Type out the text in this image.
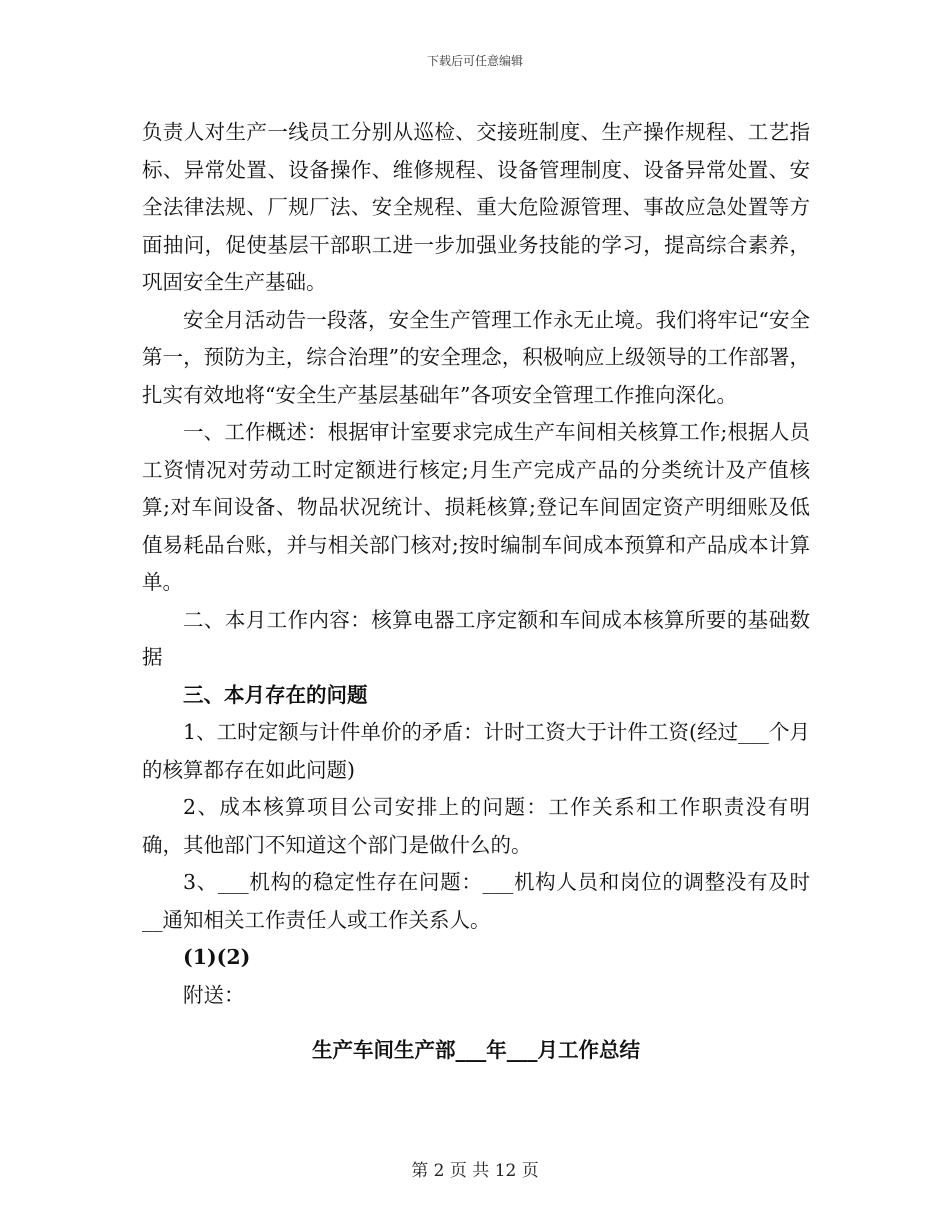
下载后可任意编辑

负责人对生产一线员工分别从巡检、交接班制度、生产操作规程、工艺指标、异常处置、设备操作、维修规程、设备管理制度、设备异常处置、安全法律法规、厂规厂法、安全规程、重大危险源管理、事故应急处置等方面抽问，促使基层干部职工进一步加强业务技能的学习，提高综合素养，巩固安全生产基础。

安全月活动告一段落，安全生产管理工作永无止境。我们将牢记“安全第一，预防为主，综合治理”的安全理念，积极响应上级领导的工作部署，扎实有效地将“安全生产基层基础年”各项安全管理工作推向深化。

一、工作概述：根据审计室要求完成生产车间相关核算工作;根据人员工资情况对劳动工时定额进行核定;月生产完成产品的分类统计及产值核算;对车间设备、物品状况统计、损耗核算;登记车间固定资产明细账及低值易耗品台账，并与相关部门核对;按时编制车间成本预算和产品成本计算单。

二、本月工作内容：核算电器工序定额和车间成本核算所要的基础数据

三、本月存在的问题

1、工时定额与计件单价的矛盾：计时工资大于计件工资(经过___个月的核算都存在如此问题)

2、成本核算项目公司安排上的问题：工作关系和工作职责没有明确，其他部门不知道这个部门是做什么的。

3、___机构的稳定性存在问题：___机构人员和岗位的调整没有及时__通知相关工作责任人或工作关系人。

(1)(2)

附送：

生产车间生产部___年___月工作总结

第 2 页 共 12 页
